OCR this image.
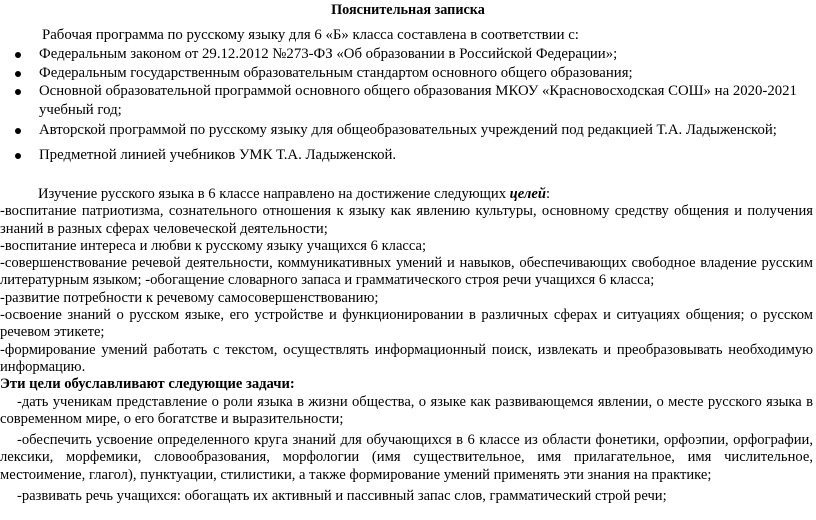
Пояснительная записка
Рабочая программа по русскому языку для 6 «Б» класса составлена в соответствии с:
Федеральным законом от 29.12.2012 №273-ФЗ «Об образовании в Российской Федерации»;
Федеральным государственным образовательным стандартом основного общего образования;
Основной образовательной программой основного общего образования МКОУ «Красновосходская СОШ» на 2020-2021 учебный год;
Авторской программой по русскому языку для общеобразовательных учреждений под редакцией Т.А. Ладыженской;
Предметной линией учебников УМК Т.А. Ладыженской.
Изучение русского языка в 6 классе направлено на достижение следующих целей:
-воспитание патриотизма, сознательного отношения к языку как явлению культуры, основному средству общения и получения знаний в разных сферах человеческой деятельности;
-воспитание интереса и любви к русскому языку учащихся 6 класса;
-совершенствование речевой деятельности, коммуникативных умений и навыков, обеспечивающих свободное владение русским литературным языком; -обогащение словарного запаса и грамматического строя речи учащихся 6 класса;
-развитие потребности к речевому самосовершенствованию;
-освоение знаний о русском языке, его устройстве и функционировании в различных сферах и ситуациях общения; о русском речевом этикете;
-формирование умений работать с текстом, осуществлять информационный поиск, извлекать и преобразовывать необходимую информацию.
Эти цели обуславливают следующие задачи:
-дать ученикам представление о роли языка в жизни общества, о языке как развивающемся явлении, о месте русского языка в современном мире, о его богатстве и выразительности;
-обеспечить усвоение определенного круга знаний для обучающихся в 6 классе из области фонетики, орфоэпии, орфографии, лексики, морфемики, словообразования, морфологии (имя существительное, имя прилагательное, имя числительное, местоимение, глагол), пунктуации, стилистики, а также формирование умений применять эти знания на практике;
-развивать речь учащихся: обогащать их активный и пассивный запас слов, грамматический строй речи;
